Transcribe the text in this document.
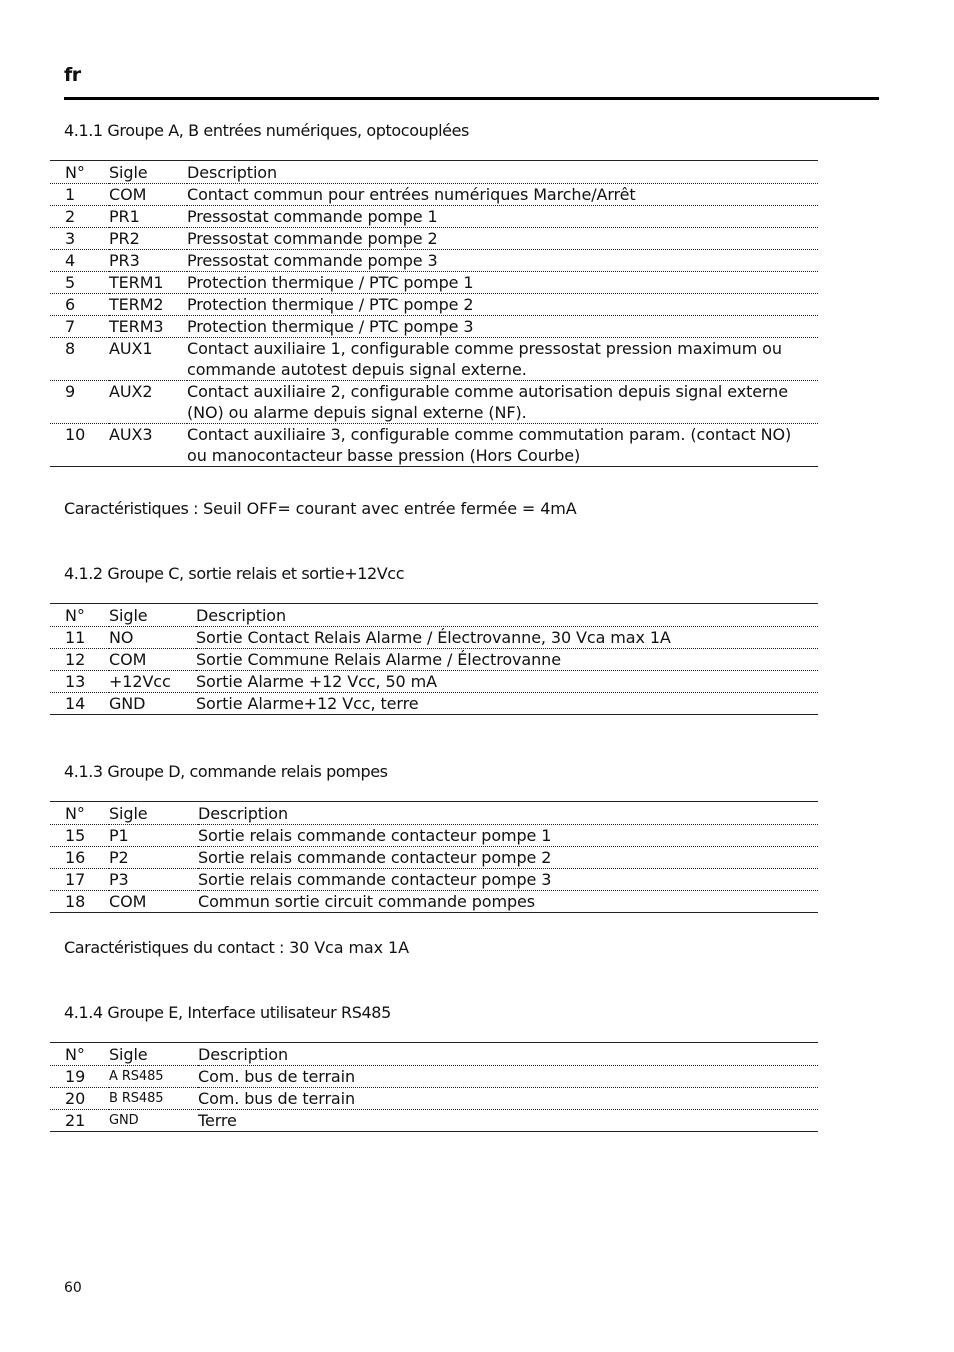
fr
4.1.1 Groupe A, B entrées numériques, optocouplées
N°	Sigle	Description
1	COM	Contact commun pour entrées numériques Marche/Arrêt
2	PR1	Pressostat commande pompe 1
3	PR2	Pressostat commande pompe 2
4	PR3	Pressostat commande pompe 3
5	TERM1	Protection thermique / PTC pompe 1
6	TERM2	Protection thermique / PTC pompe 2
7	TERM3	Protection thermique / PTC pompe 3
8	AUX1	Contact auxiliaire 1, configurable comme pressostat pression maximum ou commande autotest depuis signal externe.
9	AUX2	Contact auxiliaire 2, configurable comme autorisation depuis signal externe (NO) ou alarme depuis signal externe (NF).
10	AUX3	Contact auxiliaire 3, configurable comme commutation param. (contact NO) ou manocontacteur basse pression (Hors Courbe)
Caractéristiques : Seuil OFF= courant avec entrée fermée = 4mA
4.1.2 Groupe C, sortie relais et sortie+12Vcc
N°	Sigle	Description
11	NO	Sortie Contact Relais Alarme / Électrovanne, 30 Vca max 1A
12	COM	Sortie Commune Relais Alarme / Électrovanne
13	+12Vcc	Sortie Alarme +12 Vcc, 50 mA
14	GND	Sortie Alarme+12 Vcc, terre
4.1.3 Groupe D, commande relais pompes
N°	Sigle	Description
15	P1	Sortie relais commande contacteur pompe 1
16	P2	Sortie relais commande contacteur pompe 2
17	P3	Sortie relais commande contacteur pompe 3
18	COM	Commun sortie circuit commande pompes
Caractéristiques du contact : 30 Vca max 1A
4.1.4 Groupe E, Interface utilisateur RS485
N°	Sigle	Description
19	A RS485	Com. bus de terrain
20	B RS485	Com. bus de terrain
21	GND	Terre
60
